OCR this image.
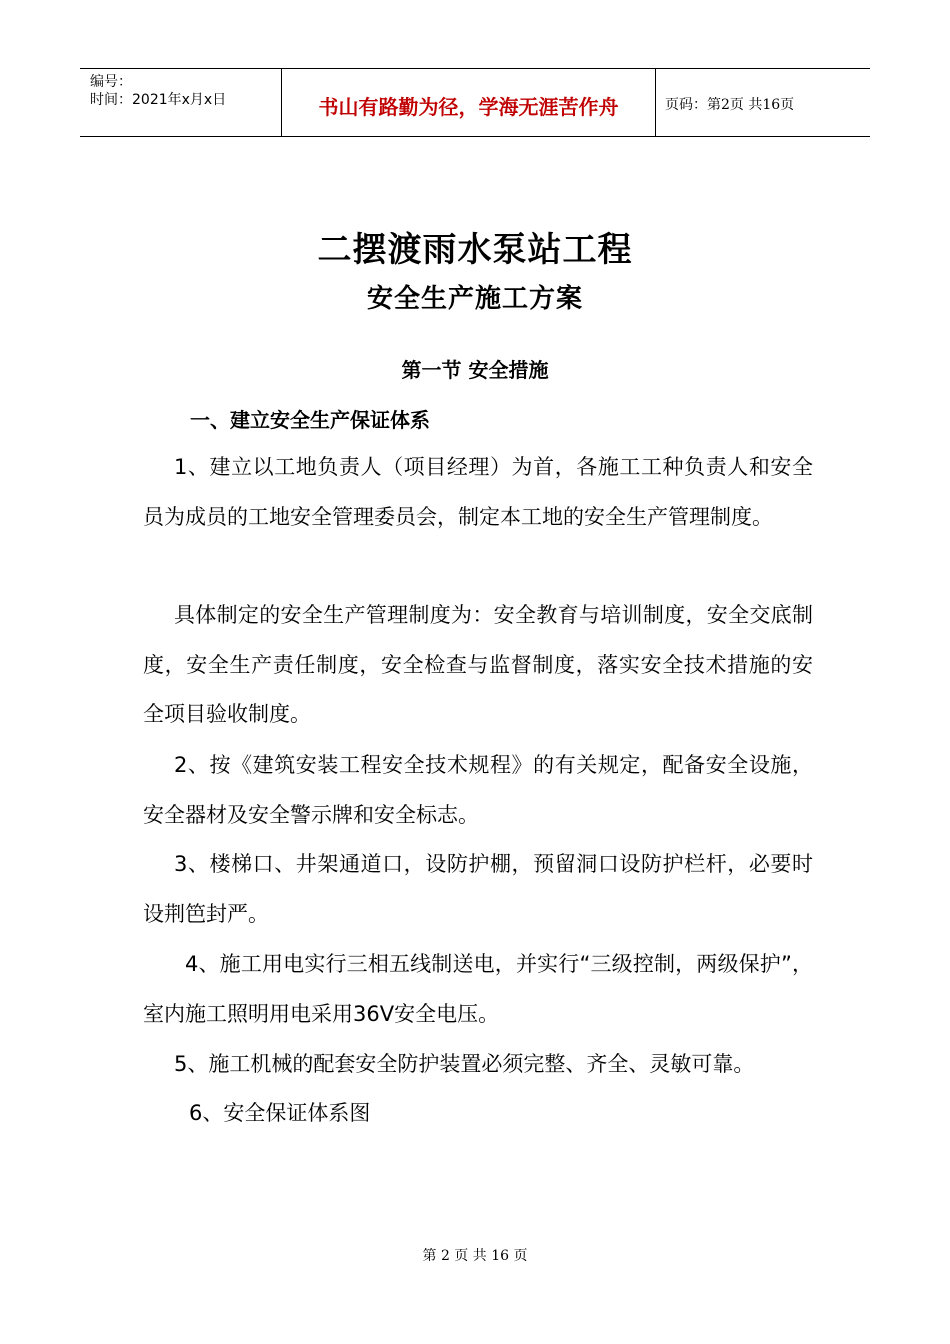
编号：
时间：2021年x月x日	书山有路勤为径，学海无涯苦作舟	页码：第2页 共16页
二摆渡雨水泵站工程
安全生产施工方案
第一节 安全措施
一、建立安全生产保证体系
1、建立以工地负责人（项目经理）为首，各施工工种负责人和安全员为成员的工地安全管理委员会，制定本工地的安全生产管理制度。
具体制定的安全生产管理制度为：安全教育与培训制度，安全交底制度，安全生产责任制度，安全检查与监督制度，落实安全技术措施的安全项目验收制度。
2、按《建筑安装工程安全技术规程》的有关规定，配备安全设施，安全器材及安全警示牌和安全标志。
3、楼梯口、井架通道口，设防护棚，预留洞口设防护栏杆，必要时设荆笆封严。
4、施工用电实行三相五线制送电，并实行“三级控制，两级保护”，室内施工照明用电采用36V安全电压。
5、施工机械的配套安全防护装置必须完整、齐全、灵敏可靠。
6、安全保证体系图
第 2 页 共 16 页
